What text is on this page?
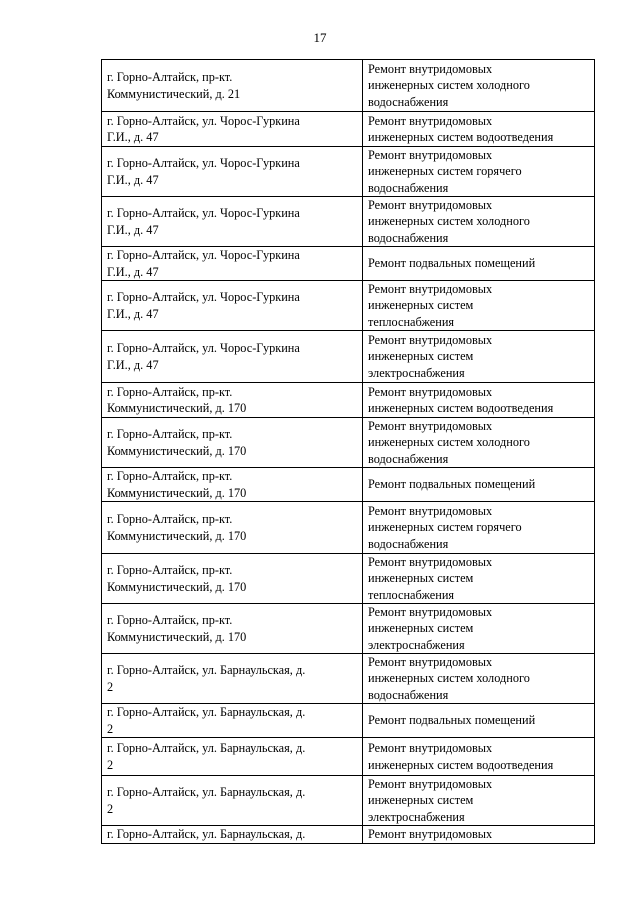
17
г. Горно-Алтайск, пр-кт.
Коммунистический, д. 21	Ремонт внутридомовых
инженерных систем холодного
водоснабжения

г. Горно-Алтайск, ул. Чорос-Гуркина
Г.И., д. 47	Ремонт внутридомовых
инженерных систем водоотведения

г. Горно-Алтайск, ул. Чорос-Гуркина
Г.И., д. 47	Ремонт внутридомовых
инженерных систем горячего
водоснабжения

г. Горно-Алтайск, ул. Чорос-Гуркина
Г.И., д. 47	Ремонт внутридомовых
инженерных систем холодного
водоснабжения

г. Горно-Алтайск, ул. Чорос-Гуркина
Г.И., д. 47	Ремонт подвальных помещений

г. Горно-Алтайск, ул. Чорос-Гуркина
Г.И., д. 47	Ремонт внутридомовых
инженерных систем
теплоснабжения

г. Горно-Алтайск, ул. Чорос-Гуркина
Г.И., д. 47	Ремонт внутридомовых
инженерных систем
электроснабжения

г. Горно-Алтайск, пр-кт.
Коммунистический, д. 170	Ремонт внутридомовых
инженерных систем водоотведения

г. Горно-Алтайск, пр-кт.
Коммунистический, д. 170	Ремонт внутридомовых
инженерных систем холодного
водоснабжения

г. Горно-Алтайск, пр-кт.
Коммунистический, д. 170	Ремонт подвальных помещений

г. Горно-Алтайск, пр-кт.
Коммунистический, д. 170	Ремонт внутридомовых
инженерных систем горячего
водоснабжения

г. Горно-Алтайск, пр-кт.
Коммунистический, д. 170	Ремонт внутридомовых
инженерных систем
теплоснабжения

г. Горно-Алтайск, пр-кт.
Коммунистический, д. 170	Ремонт внутридомовых
инженерных систем
электроснабжения

г. Горно-Алтайск, ул. Барнаульская, д.
2	Ремонт внутридомовых
инженерных систем холодного
водоснабжения

г. Горно-Алтайск, ул. Барнаульская, д.
2	Ремонт подвальных помещений

г. Горно-Алтайск, ул. Барнаульская, д.
2	Ремонт внутридомовых
инженерных систем водоотведения

г. Горно-Алтайск, ул. Барнаульская, д.
2	Ремонт внутридомовых
инженерных систем
электроснабжения

г. Горно-Алтайск, ул. Барнаульская, д.	Ремонт внутридомовых
